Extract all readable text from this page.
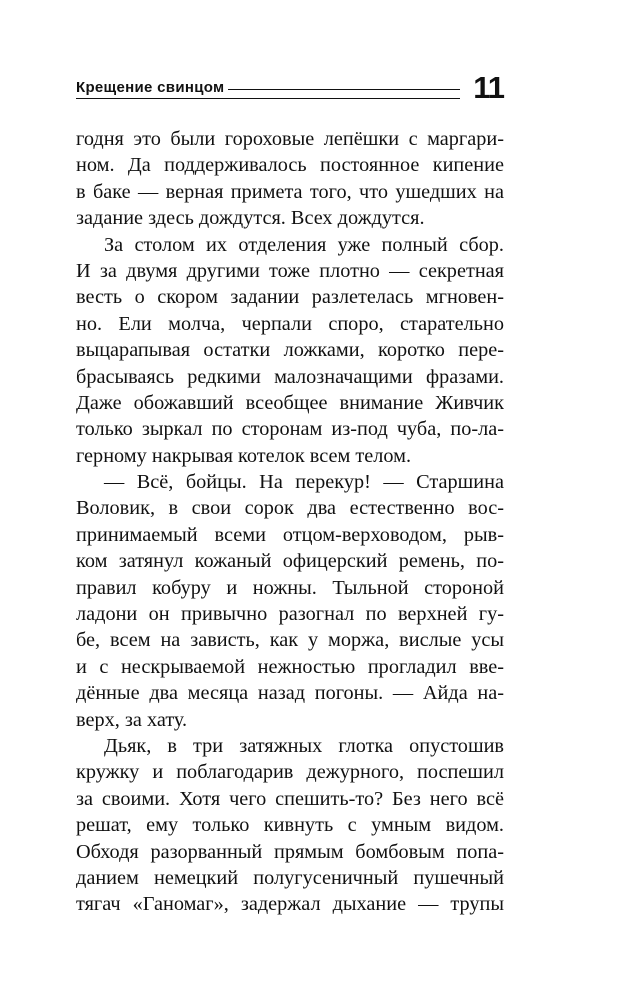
Крещение свинцом	11
годня это были гороховые лепёшки с маргари-
ном. Да поддерживалось постоянное кипение
в баке — верная примета того, что ушедших на
задание здесь дождутся. Всех дождутся.
За столом их отделения уже полный сбор.
И за двумя другими тоже плотно — секретная
весть о скором задании разлетелась мгновен-
но. Ели молча, черпали споро, старательно
выцарапывая остатки ложками, коротко пере-
брасываясь редкими малозначащими фразами.
Даже обожавший всеобщее внимание Живчик
только зыркал по сторонам из-под чуба, по-ла-
герному накрывая котелок всем телом.
— Всё, бойцы. На перекур! — Старшина
Воловик, в свои сорок два естественно вос-
принимаемый всеми отцом-верховодом, рыв-
ком затянул кожаный офицерский ремень, по-
правил кобуру и ножны. Тыльной стороной
ладони он привычно разогнал по верхней гу-
бе, всем на зависть, как у моржа, вислые усы
и с нескрываемой нежностью прогладил вве-
дённые два месяца назад погоны. — Айда на-
верх, за хату.
Дьяк, в три затяжных глотка опустошив
кружку и поблагодарив дежурного, поспешил
за своими. Хотя чего спешить-то? Без него всё
решат, ему только кивнуть с умным видом.
Обходя разорванный прямым бомбовым попа-
данием немецкий полугусеничный пушечный
тягач «Ганомаг», задержал дыхание — трупы
